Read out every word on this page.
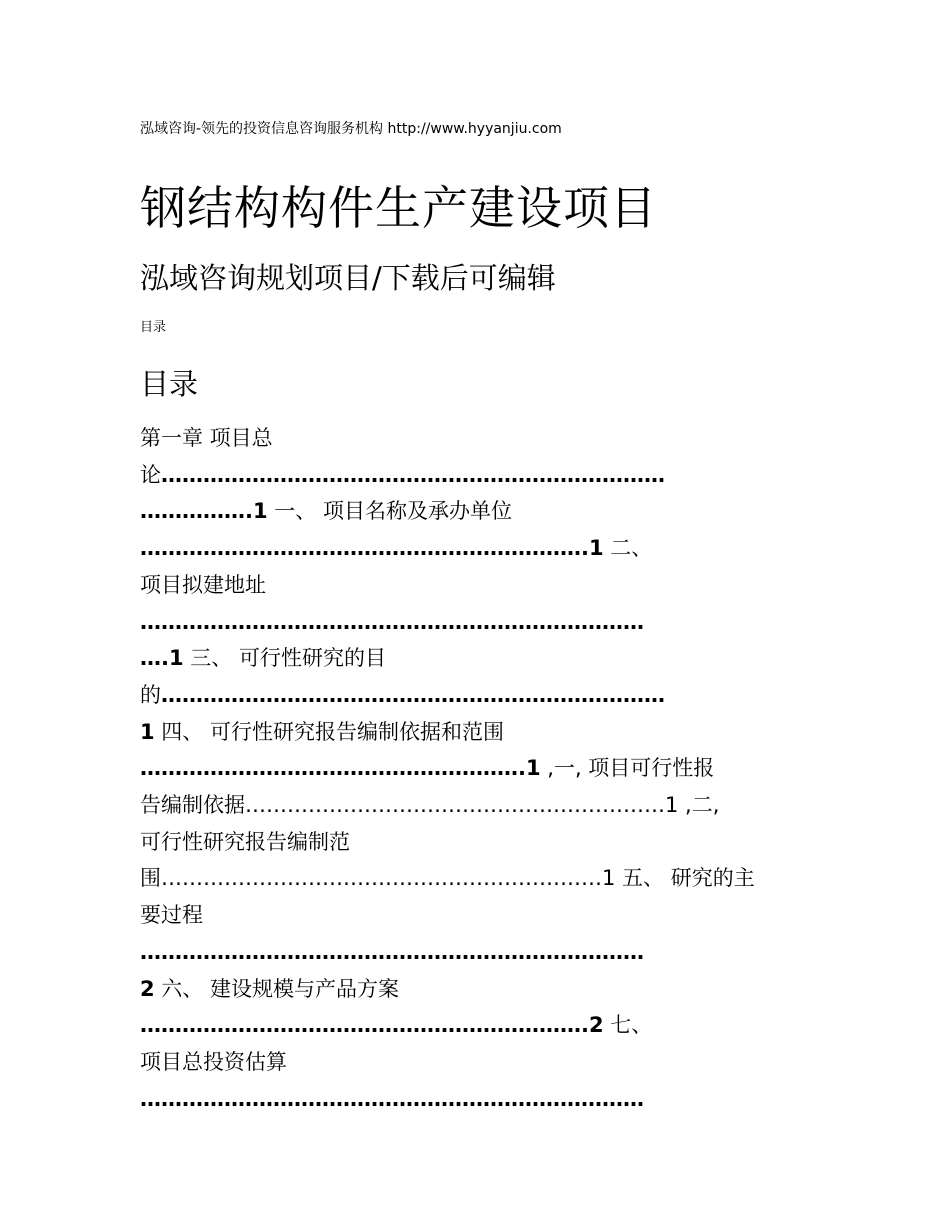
泓域咨询-领先的投资信息咨询服务机构 http://www.hyyanjiu.com
钢结构构件生产建设项目
泓域咨询规划项目/下载后可编辑
目录
目录
第一章 项目总
论………………………………………………………………
…………….1 一、 项目名称及承办单位
……………………………………………………….1 二、
项目拟建地址
………………………………………………………………
….1 三、 可行性研究的目
的………………………………………………………………
1 四、 可行性研究报告编制依据和范围
……………………………………………….1 ,一, 项目可行性报
告编制依据……………………………………………………1 ,二,
可行性研究报告编制范
围………………………………………………………1 五、 研究的主
要过程
………………………………………………………………
2 六、 建设规模与产品方案
……………………………………………………….2 七、
项目总投资估算
………………………………………………………………
